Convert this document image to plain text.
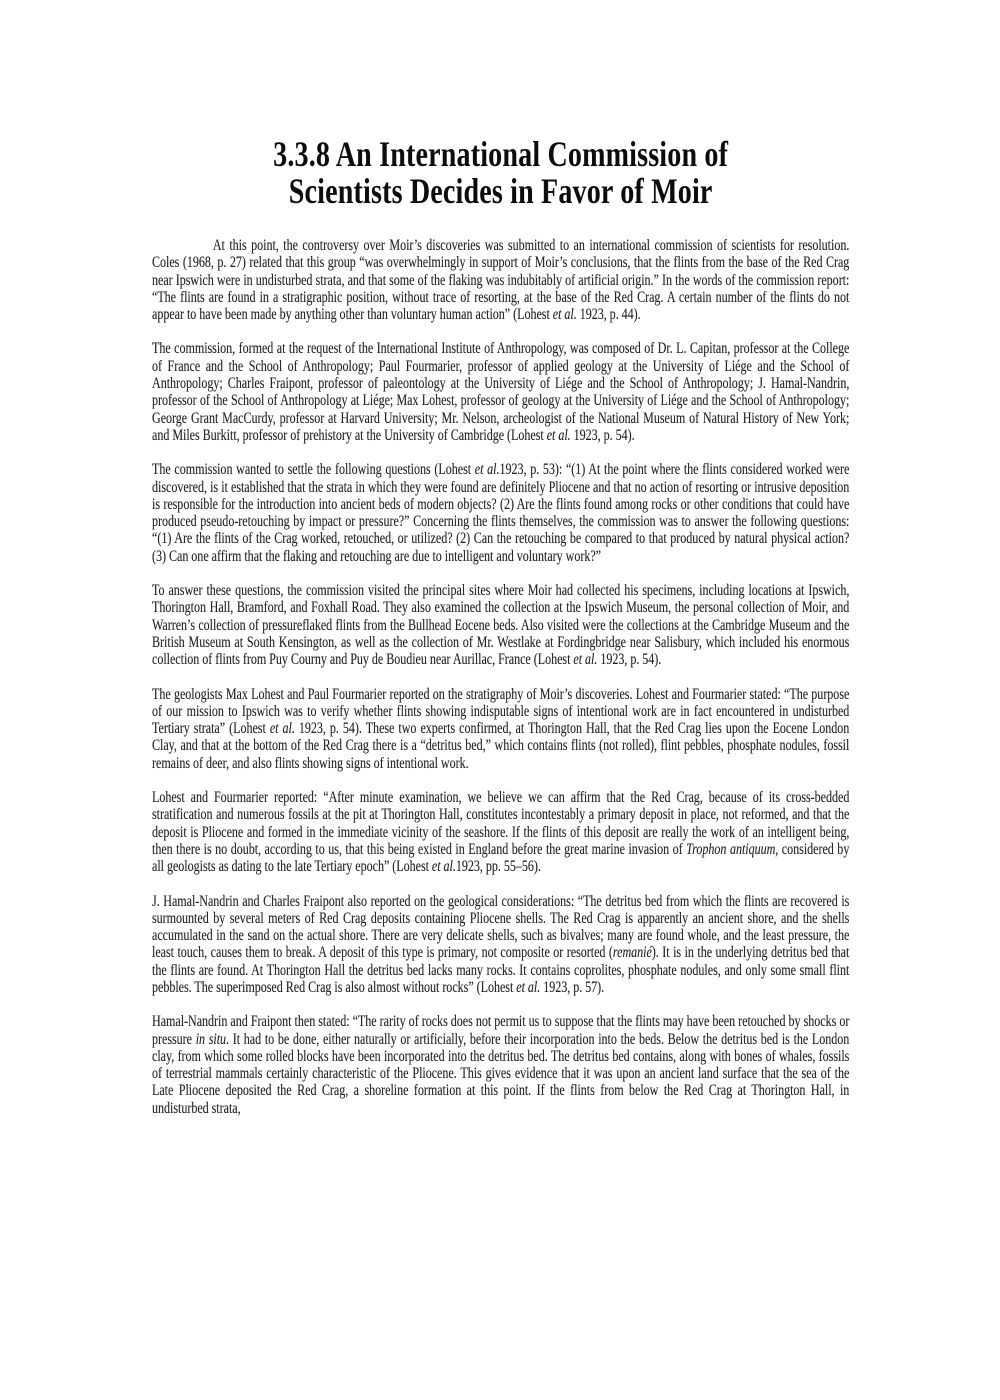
3.3.8 An International Commission of
Scientists Decides in Favor of Moir

At this point, the controversy over Moir’s discoveries was submitted to an international commission of scientists for resolution. Coles (1968, p. 27) related that this group “was overwhelmingly in support of Moir’s conclusions, that the flints from the base of the Red Crag near Ipswich were in undisturbed strata, and that some of the flaking was indubitably of artificial origin.” In the words of the commission report: “The flints are found in a stratigraphic position, without trace of resorting, at the base of the Red Crag. A certain number of the flints do not appear to have been made by anything other than voluntary human action” (Lohest et al. 1923, p. 44).

The commission, formed at the request of the International Institute of Anthropology, was composed of Dr. L. Capitan, professor at the College of France and the School of Anthropology; Paul Fourmarier, professor of applied geology at the University of Liége and the School of Anthropology; Charles Fraipont, professor of paleontology at the University of Liége and the School of Anthropology; J. Hamal-Nandrin, professor of the School of Anthropology at Liége; Max Lohest, professor of geology at the University of Liége and the School of Anthropology; George Grant MacCurdy, professor at Harvard University; Mr. Nelson, archeologist of the National Museum of Natural History of New York; and Miles Burkitt, professor of prehistory at the University of Cambridge (Lohest et al. 1923, p. 54).

The commission wanted to settle the following questions (Lohest et al.1923, p. 53): “(1) At the point where the flints considered worked were discovered, is it established that the strata in which they were found are definitely Pliocene and that no action of resorting or intrusive deposition is responsible for the introduction into ancient beds of modern objects? (2) Are the flints found among rocks or other conditions that could have produced pseudo-retouching by impact or pressure?” Concerning the flints themselves, the commission was to answer the following questions: “(1) Are the flints of the Crag worked, retouched, or utilized? (2) Can the retouching be compared to that produced by natural physical action? (3) Can one affirm that the flaking and retouching are due to intelligent and voluntary work?”

To answer these questions, the commission visited the principal sites where Moir had collected his specimens, including locations at Ipswich, Thorington Hall, Bramford, and Foxhall Road. They also examined the collection at the Ipswich Museum, the personal collection of Moir, and Warren’s collection of pressureflaked flints from the Bullhead Eocene beds. Also visited were the collections at the Cambridge Museum and the British Museum at South Kensington, as well as the collection of Mr. Westlake at Fordingbridge near Salisbury, which included his enormous collection of flints from Puy Courny and Puy de Boudieu near Aurillac, France (Lohest et al. 1923, p. 54).

The geologists Max Lohest and Paul Fourmarier reported on the stratigraphy of Moir’s discoveries. Lohest and Fourmarier stated: “The purpose of our mission to Ipswich was to verify whether flints showing indisputable signs of intentional work are in fact encountered in undisturbed Tertiary strata” (Lohest et al. 1923, p. 54). These two experts confirmed, at Thorington Hall, that the Red Crag lies upon the Eocene London Clay, and that at the bottom of the Red Crag there is a “detritus bed,” which contains flints (not rolled), flint pebbles, phosphate nodules, fossil remains of deer, and also flints showing signs of intentional work.

Lohest and Fourmarier reported: “After minute examination, we believe we can affirm that the Red Crag, because of its cross-bedded stratification and numerous fossils at the pit at Thorington Hall, constitutes incontestably a primary deposit in place, not reformed, and that the deposit is Pliocene and formed in the immediate vicinity of the seashore. If the flints of this deposit are really the work of an intelligent being, then there is no doubt, according to us, that this being existed in England before the great marine invasion of Trophon antiquum, considered by all geologists as dating to the late Tertiary epoch” (Lohest et al.1923, pp. 55–56).

J. Hamal-Nandrin and Charles Fraipont also reported on the geological considerations: “The detritus bed from which the flints are recovered is surmounted by several meters of Red Crag deposits containing Pliocene shells. The Red Crag is apparently an ancient shore, and the shells accumulated in the sand on the actual shore. There are very delicate shells, such as bivalves; many are found whole, and the least pressure, the least touch, causes them to break. A deposit of this type is primary, not composite or resorted (remanié). It is in the underlying detritus bed that the flints are found. At Thorington Hall the detritus bed lacks many rocks. It contains coprolites, phosphate nodules, and only some small flint pebbles. The superimposed Red Crag is also almost without rocks” (Lohest et al. 1923, p. 57).

Hamal-Nandrin and Fraipont then stated: “The rarity of rocks does not permit us to suppose that the flints may have been retouched by shocks or pressure in situ. It had to be done, either naturally or artificially, before their incorporation into the beds. Below the detritus bed is the London clay, from which some rolled blocks have been incorporated into the detritus bed. The detritus bed contains, along with bones of whales, fossils of terrestrial mammals certainly characteristic of the Pliocene. This gives evidence that it was upon an ancient land surface that the sea of the Late Pliocene deposited the Red Crag, a shoreline formation at this point. If the flints from below the Red Crag at Thorington Hall, in undisturbed strata,
